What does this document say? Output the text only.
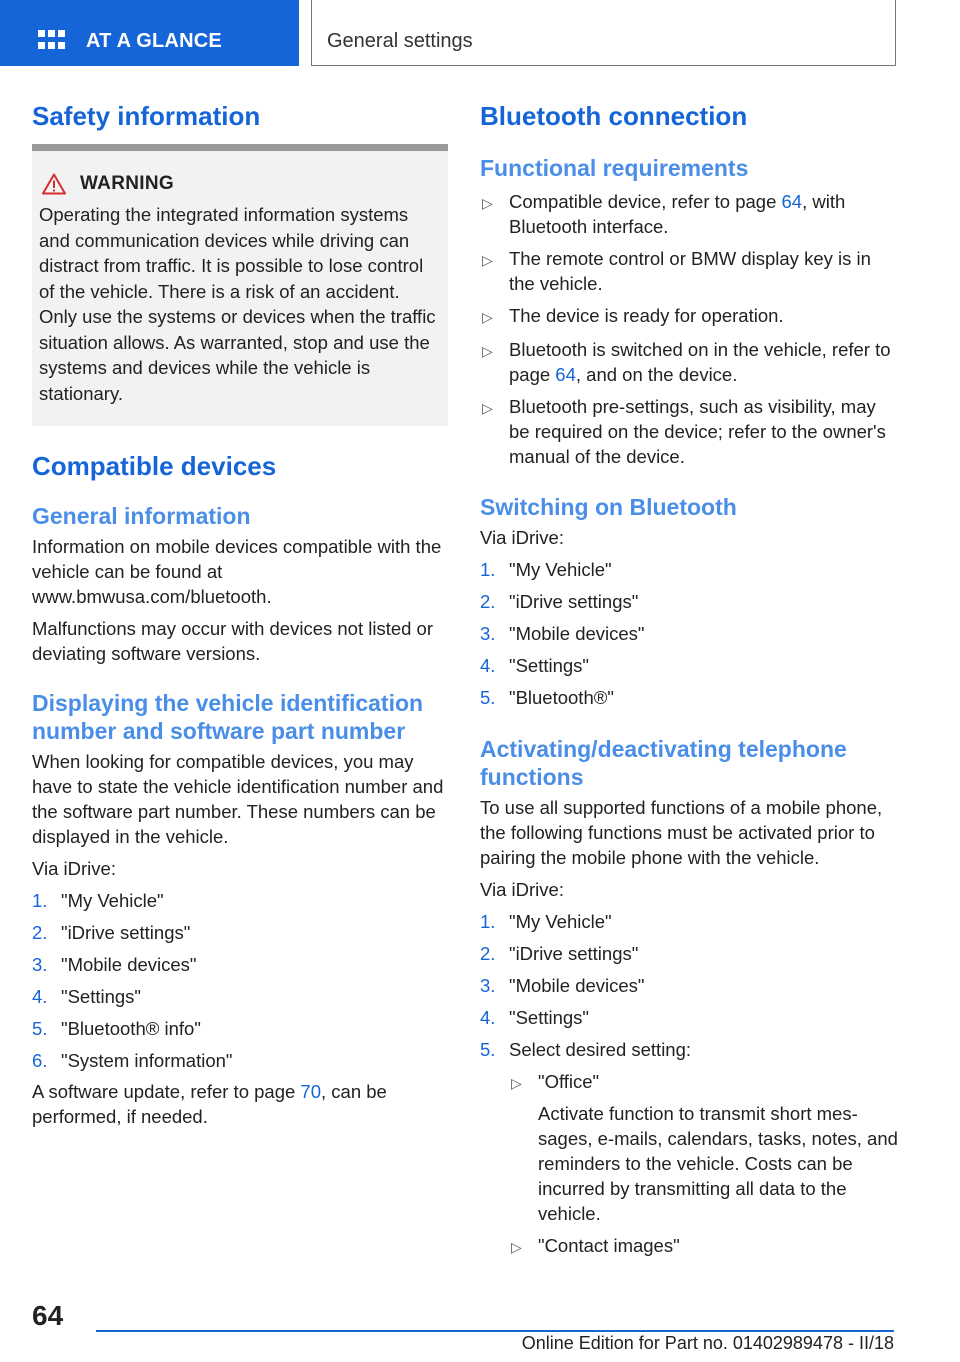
AT A GLANCE	General settings
Safety information
WARNING

Operating the integrated information systems and communication devices while driving can distract from traffic. It is possible to lose control of the vehicle. There is a risk of an accident. Only use the systems or devices when the traffic situation allows. As warranted, stop and use the systems and devices while the vehicle is stationary.

Compatible devices
General information

Information on mobile devices compatible with the vehicle can be found at www.bmwusa.com/bluetooth.

Malfunctions may occur with devices not listed or deviating software versions.

Displaying the vehicle identification number and software part number

When looking for compatible devices, you may have to state the vehicle identification number and the software part number. These numbers can be displayed in the vehicle.

Via iDrive:

1. "My Vehicle"
2. "iDrive settings"
3. "Mobile devices"
4. "Settings"
5. "Bluetooth® info"
6. "System information"

A software update, refer to page 70, can be performed, if needed.

Bluetooth connection
Functional requirements
▷ Compatible device, refer to page 64, with Bluetooth interface.
▷ The remote control or BMW display key is in the vehicle.
▷ The device is ready for operation.
▷ Bluetooth is switched on in the vehicle, refer to page 64, and on the device.
▷ Bluetooth pre-settings, such as visibility, may be required on the device; refer to the owner's manual of the device.
Switching on Bluetooth

Via iDrive:

1. "My Vehicle"
2. "iDrive settings"
3. "Mobile devices"
4. "Settings"
5. "Bluetooth®"
Activating/deactivating telephone functions

To use all supported functions of a mobile phone, the following functions must be activated prior to pairing the mobile phone with the vehicle.

Via iDrive:

1. "My Vehicle"
2. "iDrive settings"
3. "Mobile devices"
4. "Settings"
5. Select desired setting:
▷ "Office"
Activate function to transmit short messages, e-mails, calendars, tasks, notes, and reminders to the vehicle. Costs can be incurred by transmitting all data to the vehicle.
▷ "Contact images"
64
Online Edition for Part no. 01402989478 - II/18
